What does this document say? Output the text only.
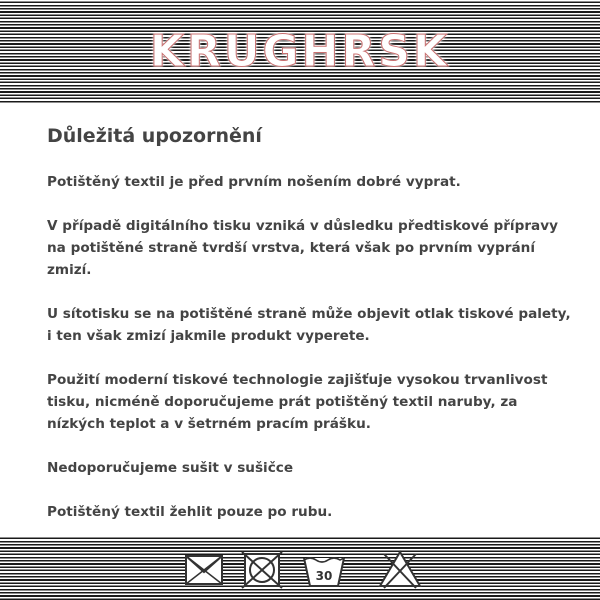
KRUGHRSK
Důležitá upozornění

Potištěný textil je před prvním nošením dobré vyprat.

V případě digitálního tisku vzniká v důsledku předtiskové přípravy na potištěné straně tvrdší vrstva, která však po prvním vyprání zmizí.

U sítotisku se na potištěné straně může objevit otlak tiskové palety, i ten však zmizí jakmile produkt vyperete.

Použití moderní tiskové technologie zajišťuje vysokou trvanlivost tisku, nicméně doporučujeme prát potištěný textil naruby, za nízkých teplot a v šetrném pracím prášku.

Nedoporučujeme sušit v sušičce

Potištěný textil žehlit pouze po rubu.

30
